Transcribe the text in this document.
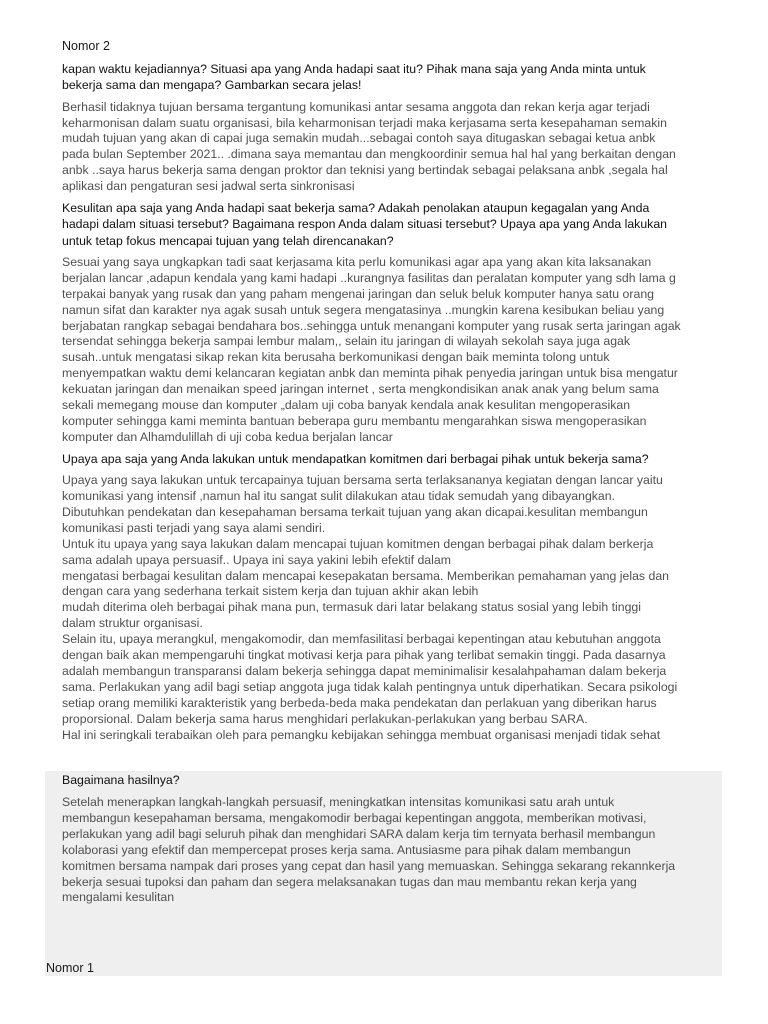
Nomor 2
kapan waktu kejadiannya? Situasi apa yang Anda hadapi saat itu? Pihak mana saja yang Anda minta untuk
bekerja sama dan mengapa? Gambarkan secara jelas!
Berhasil tidaknya tujuan bersama tergantung komunikasi antar sesama anggota dan rekan kerja agar terjadi
keharmonisan dalam suatu organisasi, bila keharmonisan terjadi maka kerjasama serta kesepahaman semakin
mudah tujuan yang akan di capai juga semakin mudah...sebagai contoh saya ditugaskan sebagai ketua anbk
pada bulan September 2021.. .dimana saya memantau dan mengkoordinir semua hal hal yang berkaitan dengan
anbk ..saya harus bekerja sama dengan proktor dan teknisi yang bertindak sebagai pelaksana anbk ,segala hal
aplikasi dan pengaturan sesi jadwal serta sinkronisasi
Kesulitan apa saja yang Anda hadapi saat bekerja sama? Adakah penolakan ataupun kegagalan yang Anda
hadapi dalam situasi tersebut? Bagaimana respon Anda dalam situasi tersebut? Upaya apa yang Anda lakukan
untuk tetap fokus mencapai tujuan yang telah direncanakan?
Sesuai yang saya ungkapkan tadi saat kerjasama kita perlu komunikasi agar apa yang akan kita laksanakan
berjalan lancar ,adapun kendala yang kami hadapi ..kurangnya fasilitas dan peralatan komputer yang sdh lama g
terpakai banyak yang rusak dan yang paham mengenai jaringan dan seluk beluk komputer hanya satu orang
namun sifat dan karakter nya agak susah untuk segera mengatasinya ..mungkin karena kesibukan beliau yang
berjabatan rangkap sebagai bendahara bos..sehingga untuk menangani komputer yang rusak serta jaringan agak
tersendat sehingga bekerja sampai lembur malam,, selain itu jaringan di wilayah sekolah saya juga agak
susah..untuk mengatasi sikap rekan kita berusaha berkomunikasi dengan baik meminta tolong untuk
menyempatkan waktu demi kelancaran kegiatan anbk dan meminta pihak penyedia jaringan untuk bisa mengatur
kekuatan jaringan dan menaikan speed jaringan internet , serta mengkondisikan anak anak yang belum sama
sekali memegang mouse dan komputer „dalam uji coba banyak kendala anak kesulitan mengoperasikan
komputer sehingga kami meminta bantuan beberapa guru membantu mengarahkan siswa mengoperasikan
komputer dan Alhamdulillah di uji coba kedua berjalan lancar
Upaya apa saja yang Anda lakukan untuk mendapatkan komitmen dari berbagai pihak untuk bekerja sama?
Upaya yang saya lakukan untuk tercapainya tujuan bersama serta terlaksananya kegiatan dengan lancar yaitu
komunikasi yang intensif ,namun hal itu sangat sulit dilakukan atau tidak semudah yang dibayangkan.
Dibutuhkan pendekatan dan kesepahaman bersama terkait tujuan yang akan dicapai.kesulitan membangun
komunikasi pasti terjadi yang saya alami sendiri.
Untuk itu upaya yang saya lakukan dalam mencapai tujuan komitmen dengan berbagai pihak dalam berkerja
sama adalah upaya persuasif.. Upaya ini saya yakini lebih efektif dalam
mengatasi berbagai kesulitan dalam mencapai kesepakatan bersama. Memberikan pemahaman yang jelas dan
dengan cara yang sederhana terkait sistem kerja dan tujuan akhir akan lebih
mudah diterima oleh berbagai pihak mana pun, termasuk dari latar belakang status sosial yang lebih tinggi
dalam struktur organisasi.
Selain itu, upaya merangkul, mengakomodir, dan memfasilitasi berbagai kepentingan atau kebutuhan anggota
dengan baik akan mempengaruhi tingkat motivasi kerja para pihak yang terlibat semakin tinggi. Pada dasarnya
adalah membangun transparansi dalam bekerja sehingga dapat meminimalisir kesalahpahaman dalam bekerja
sama. Perlakukan yang adil bagi setiap anggota juga tidak kalah pentingnya untuk diperhatikan. Secara psikologi
setiap orang memiliki karakteristik yang berbeda-beda maka pendekatan dan perlakuan yang diberikan harus
proporsional. Dalam bekerja sama harus menghidari perlakukan-perlakukan yang berbau SARA.
Hal ini seringkali terabaikan oleh para pemangku kebijakan sehingga membuat organisasi menjadi tidak sehat
Bagaimana hasilnya?
Setelah menerapkan langkah-langkah persuasif, meningkatkan intensitas komunikasi satu arah untuk
membangun kesepahaman bersama, mengakomodir berbagai kepentingan anggota, memberikan motivasi,
perlakukan yang adil bagi seluruh pihak dan menghidari SARA dalam kerja tim ternyata berhasil membangun
kolaborasi yang efektif dan mempercepat proses kerja sama. Antusiasme para pihak dalam membangun
komitmen bersama nampak dari proses yang cepat dan hasil yang memuaskan. Sehingga sekarang rekannkerja
bekerja sesuai tupoksi dan paham dan segera melaksanakan tugas dan mau membantu rekan kerja yang
mengalami kesulitan
Nomor 1
